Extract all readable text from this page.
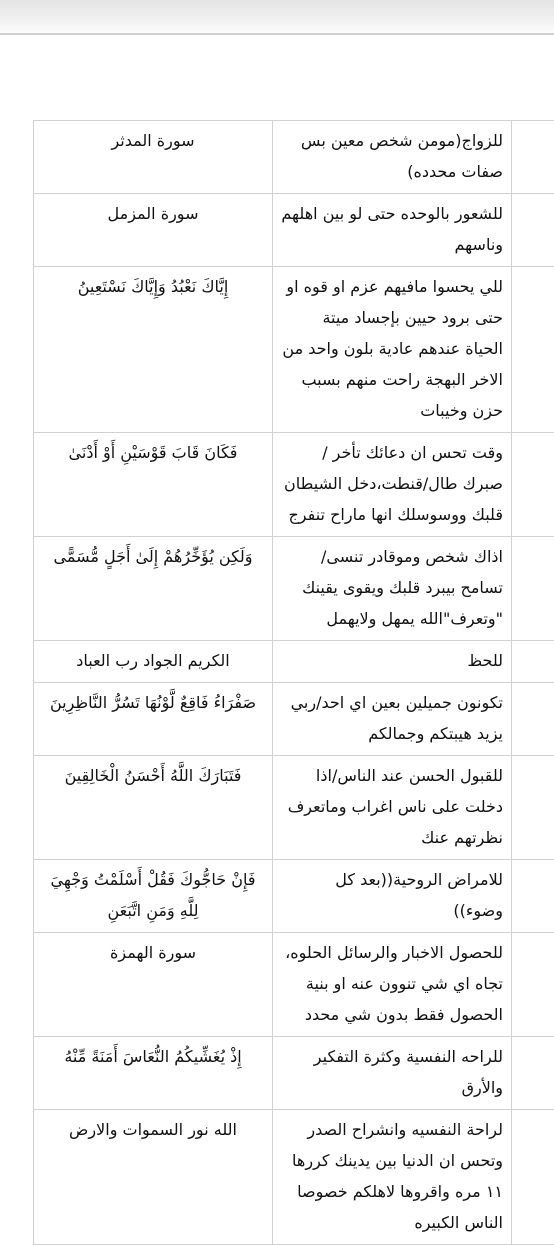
سورة المدثر	للزواج(مومن شخص معين بس صفات محدده)	
سورة المزمل	للشعور بالوحده حتى لو بين اهلهم وناسهم	
إِيَّاكَ نَعْبُدُ وَإِيَّاكَ نَسْتَعِينُ	للي يحسوا مافيهم عزم او قوه او حتى برود حيين بإجساد ميتة الحياة عندهم عادية بلون واحد من الاخر البهجة راحت منهم بسبب حزن وخيبات	
فَكَانَ قَابَ قَوْسَيْنِ أَوْ أَدْنَىٰ	وقت تحس ان دعائك تأخر / صبرك طال/قنطت،دخل الشيطان قلبك ووسوسلك انها ماراح تنفرج	
وَلَكِن يُؤَخِّرُهُمْ إِلَىٰ أَجَلٍ مُّسَمًّى	اذاك شخص وموقادر تنسى/ تسامح بيبرد قلبك ويقوى يقينك "وتعرف"الله يمهل ولايهمل	
الكريم الجواد رب العباد	للحظ	
صَفْرَاءُ فَاقِعٌ لَّوْنُهَا تَسُرُّ النَّاظِرِينَ	تكونون جميلين بعين اي احد/ربي يزيد هيبتكم وجمالكم	
فَتَبَارَكَ اللَّهُ أَحْسَنُ الْخَالِقِينَ	للقبول الحسن عند الناس/اذا دخلت على ناس اغراب وماتعرف نظرتهم عنك	
فَإِنْ حَاجُّوكَ فَقُلْ أَسْلَمْتُ وَجْهِيَ لِلَّهِ وَمَنِ اتَّبَعَنِ	للامراض الروحية((بعد كل وضوء))	
سورة الهمزة	للحصول الاخبار والرسائل الحلوه، تجاه اي شي تنوون عنه او بنية الحصول فقط بدون شي محدد	
إِذْ يُغَشِّيكُمُ النُّعَاسَ أَمَنَةً مِّنْهُ	للراحه النفسية وكثرة التفكير والأرق	
الله نور السموات والارض	لراحة النفسيه وانشراح الصدر وتحس ان الدنيا بين يدينك كررها ١١ مره واقروها لاهلكم خصوصا الناس الكبيره	
